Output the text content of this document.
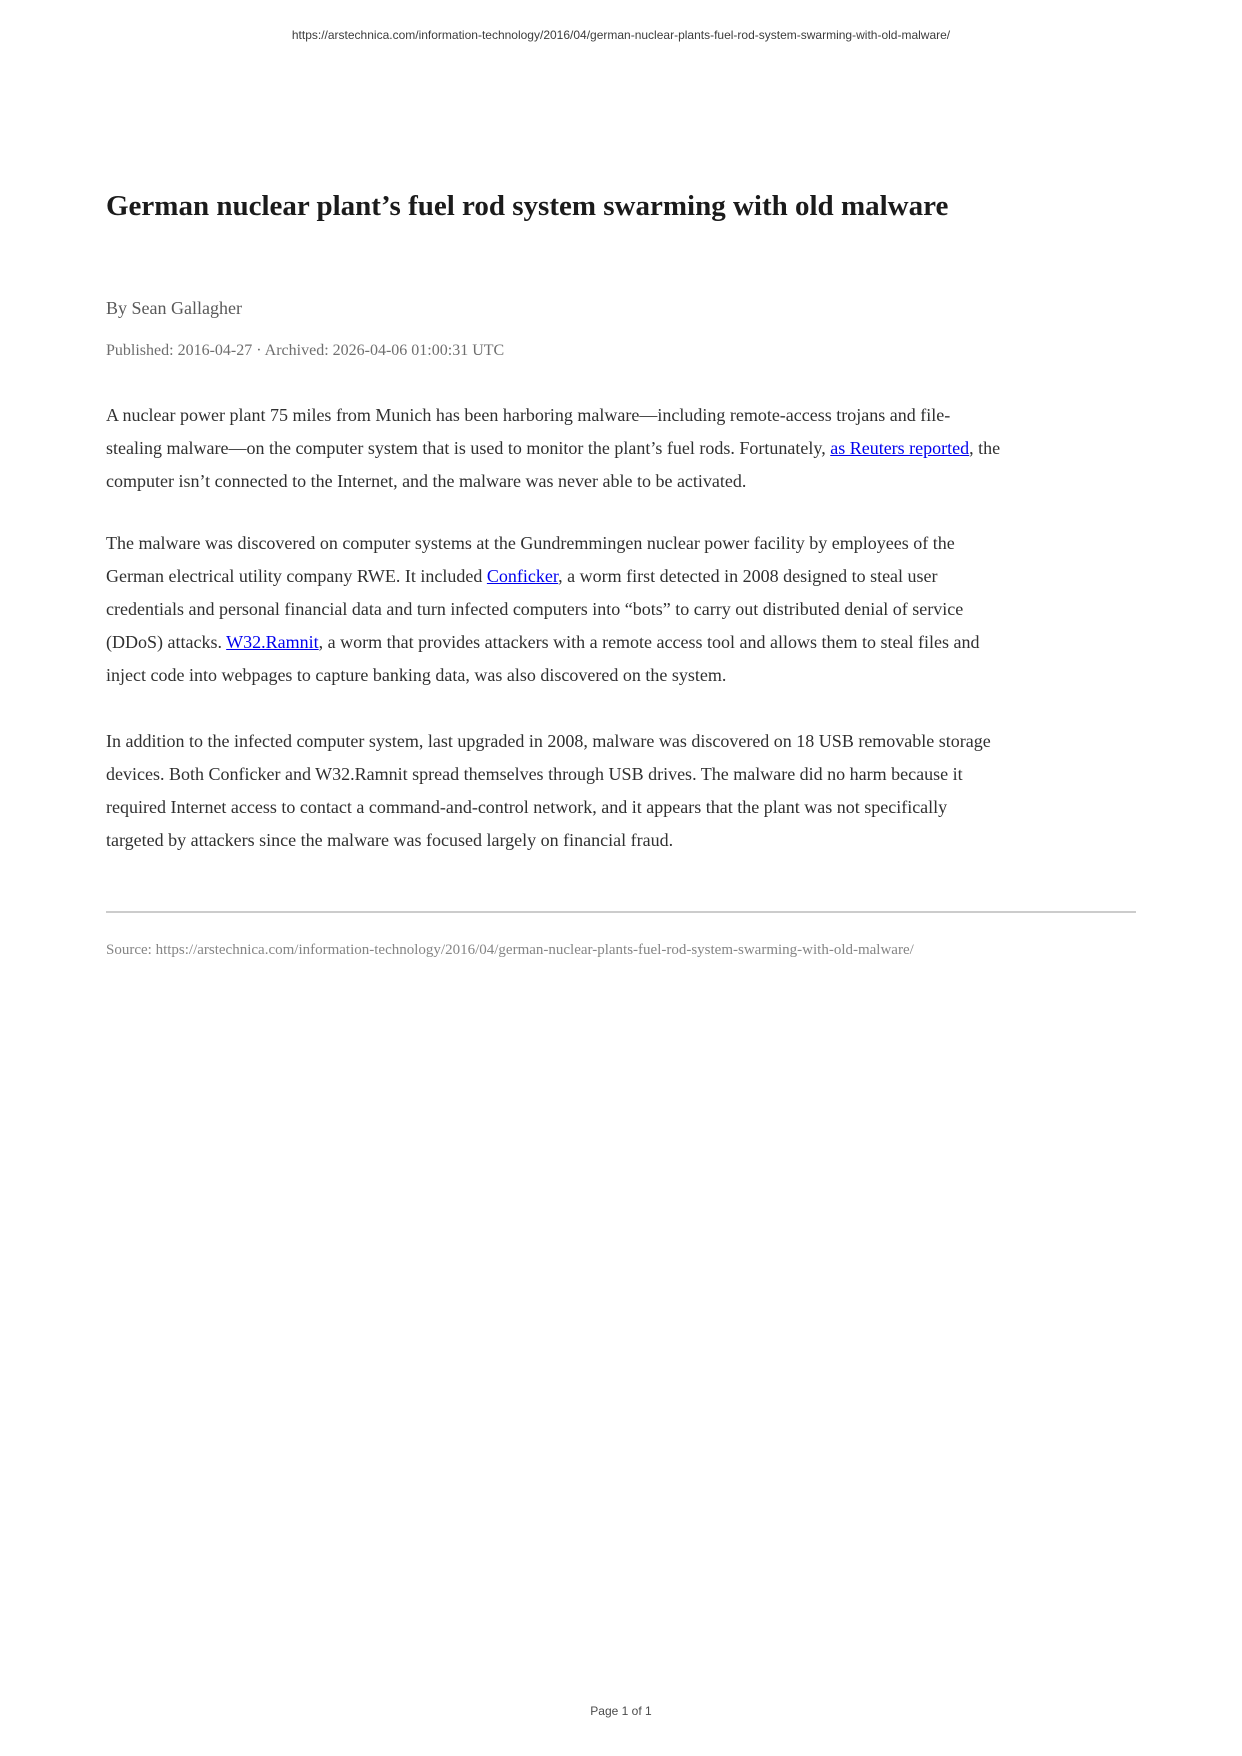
https://arstechnica.com/information-technology/2016/04/german-nuclear-plants-fuel-rod-system-swarming-with-old-malware/
German nuclear plant’s fuel rod system swarming with old malware
By Sean Gallagher
Published: 2016-04-27 · Archived: 2026-04-06 01:00:31 UTC

A nuclear power plant 75 miles from Munich has been harboring malware—including remote-access trojans and file-stealing malware—on the computer system that is used to monitor the plant’s fuel rods. Fortunately, as Reuters reported, the computer isn’t connected to the Internet, and the malware was never able to be activated.

The malware was discovered on computer systems at the Gundremmingen nuclear power facility by employees of the German electrical utility company RWE. It included Conficker, a worm first detected in 2008 designed to steal user credentials and personal financial data and turn infected computers into “bots” to carry out distributed denial of service (DDoS) attacks. W32.Ramnit, a worm that provides attackers with a remote access tool and allows them to steal files and inject code into webpages to capture banking data, was also discovered on the system.

In addition to the infected computer system, last upgraded in 2008, malware was discovered on 18 USB removable storage devices. Both Conficker and W32.Ramnit spread themselves through USB drives. The malware did no harm because it required Internet access to contact a command-and-control network, and it appears that the plant was not specifically targeted by attackers since the malware was focused largely on financial fraud.

Source: https://arstechnica.com/information-technology/2016/04/german-nuclear-plants-fuel-rod-system-swarming-with-old-malware/
Page 1 of 1
